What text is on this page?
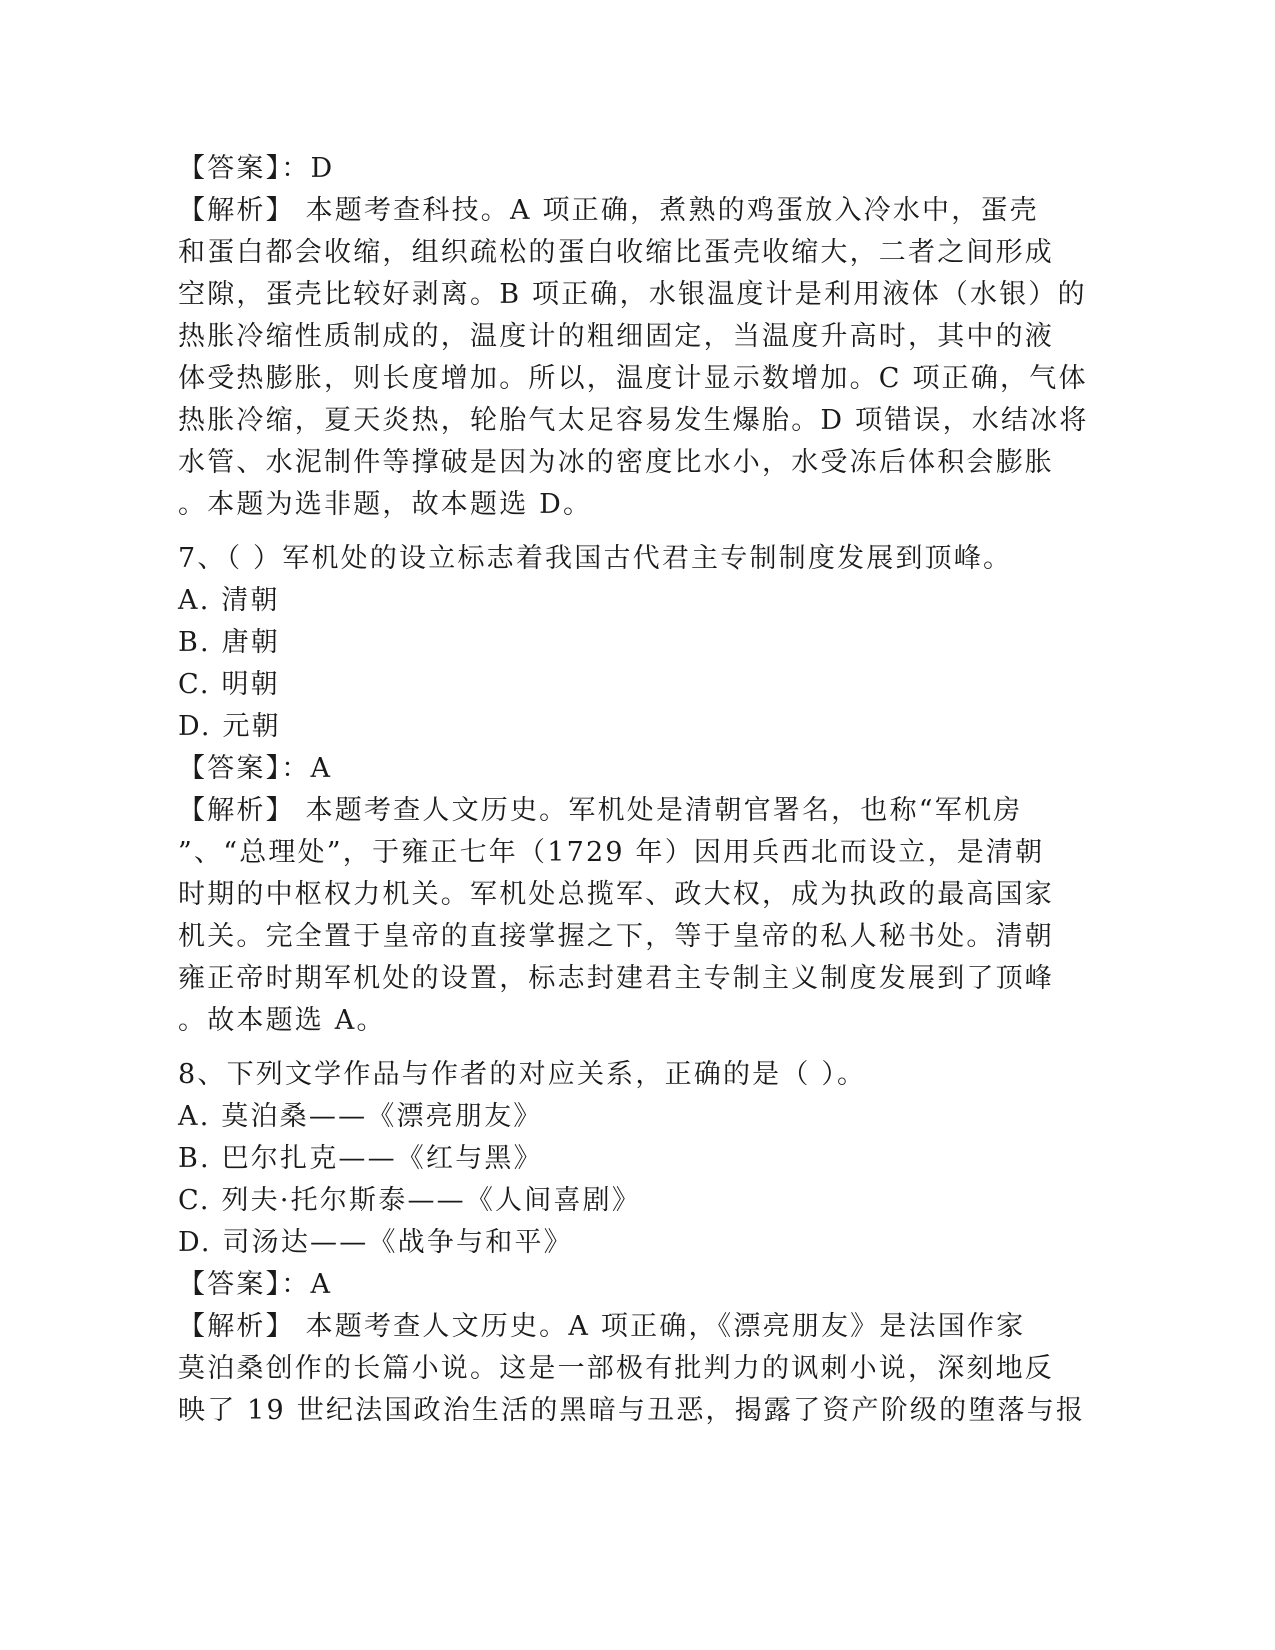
【答案】：D
【解析】 本题考查科技。A 项正确，煮熟的鸡蛋放入冷水中，蛋壳
和蛋白都会收缩，组织疏松的蛋白收缩比蛋壳收缩大，二者之间形成
空隙，蛋壳比较好剥离。B 项正确，水银温度计是利用液体（水银）的
热胀冷缩性质制成的，温度计的粗细固定，当温度升高时，其中的液
体受热膨胀，则长度增加。所以，温度计显示数增加。C 项正确，气体
热胀冷缩，夏天炎热，轮胎气太足容易发生爆胎。D 项错误，水结冰将
水管、水泥制件等撑破是因为冰的密度比水小，水受冻后体积会膨胀
。本题为选非题，故本题选 D。
7、（ ）军机处的设立标志着我国古代君主专制制度发展到顶峰。
A. 清朝
B. 唐朝
C. 明朝
D. 元朝
【答案】：A
【解析】 本题考查人文历史。军机处是清朝官署名，也称“军机房
”、“总理处”，于雍正七年（1729 年）因用兵西北而设立，是清朝
时期的中枢权力机关。军机处总揽军、政大权，成为执政的最高国家
机关。完全置于皇帝的直接掌握之下，等于皇帝的私人秘书处。清朝
雍正帝时期军机处的设置，标志封建君主专制主义制度发展到了顶峰
。故本题选 A。
8、下列文学作品与作者的对应关系，正确的是（ ）。
A. 莫泊桑——《漂亮朋友》
B. 巴尔扎克——《红与黑》
C. 列夫·托尔斯泰——《人间喜剧》
D. 司汤达——《战争与和平》
【答案】：A
【解析】 本题考查人文历史。A 项正确，《漂亮朋友》是法国作家
莫泊桑创作的长篇小说。这是一部极有批判力的讽刺小说，深刻地反
映了 19 世纪法国政治生活的黑暗与丑恶，揭露了资产阶级的堕落与报
